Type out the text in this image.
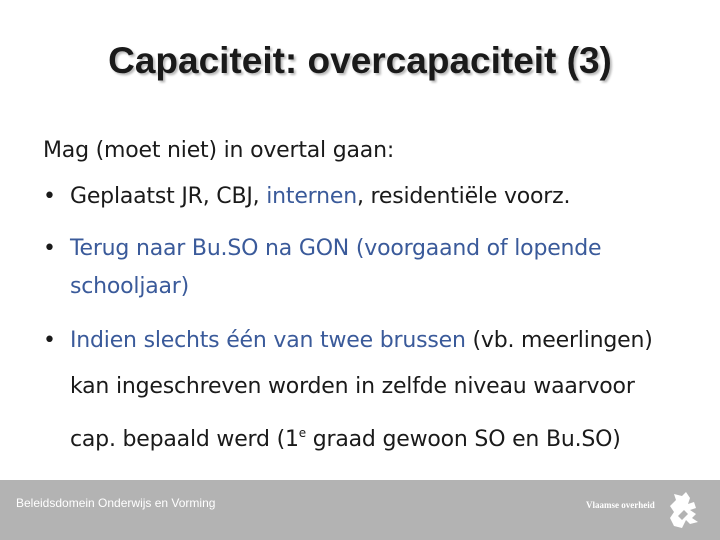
Capaciteit: overcapaciteit (3)
Mag (moet niet) in overtal gaan:
• Geplaatst JR, CBJ, internen, residentiële voorz.
• Terug naar Bu.SO na GON (voorgaand of lopende
schooljaar)
• Indien slechts één van twee brussen (vb. meerlingen)
kan ingeschreven worden in zelfde niveau waarvoor
cap. bepaald werd (1e graad gewoon SO en Bu.SO)
Beleidsdomein Onderwijs en Vorming	Vlaamse overheid
